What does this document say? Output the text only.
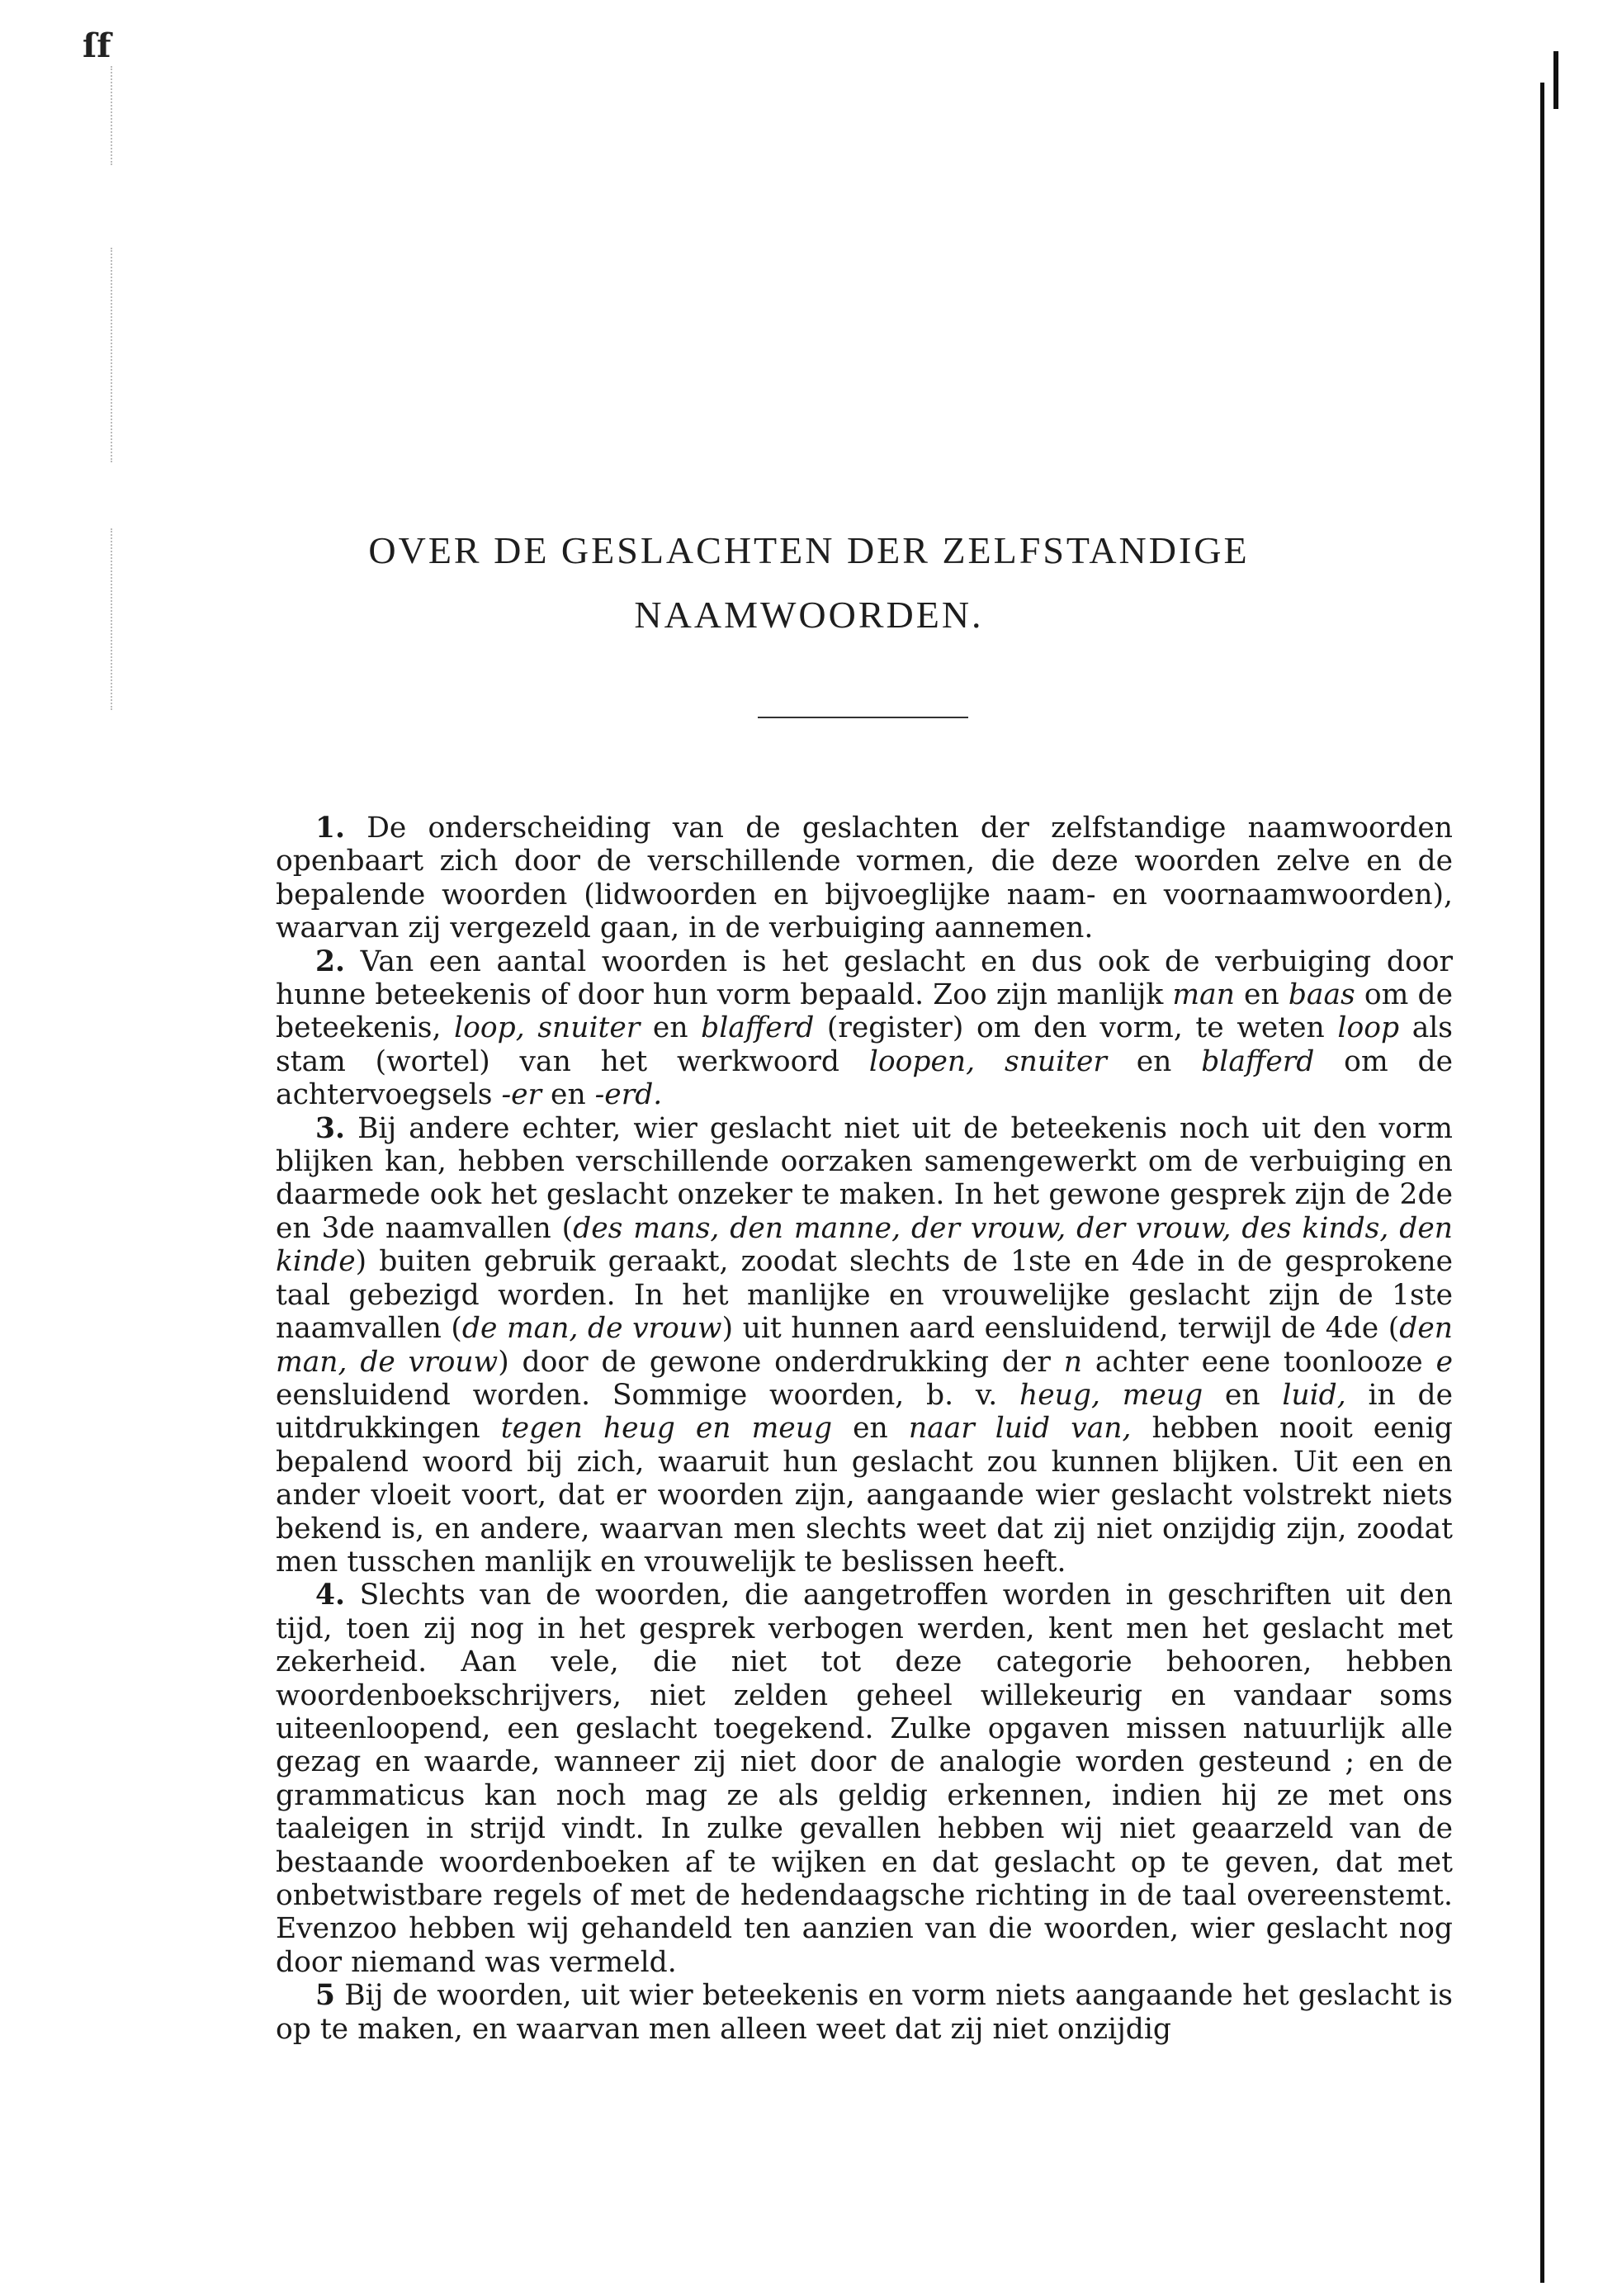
ſf
OVER DE GESLACHTEN DER ZELFSTANDIGE
NAAMWOORDEN.

1. De onderscheiding van de geslachten der zelfstandige naamwoorden openbaart zich door de verschillende vormen, die deze woorden zelve en de bepalende woorden (lidwoorden en bijvoeglijke naam- en voornaamwoorden), waarvan zij vergezeld gaan, in de verbuiging aannemen.

2. Van een aantal woorden is het geslacht en dus ook de verbuiging door hunne beteekenis of door hun vorm bepaald. Zoo zijn manlijk man en baas om de beteekenis, loop, snuiter en blafferd (register) om den vorm, te weten loop als stam (wortel) van het werkwoord loopen, snuiter en blafferd om de achtervoegsels -er en -erd.

3. Bij andere echter, wier geslacht niet uit de beteekenis noch uit den vorm blijken kan, hebben verschillende oorzaken samengewerkt om de verbuiging en daarmede ook het geslacht onzeker te maken. In het gewone gesprek zijn de 2de en 3de naamvallen (des mans, den manne, der vrouw, der vrouw, des kinds, den kinde) buiten gebruik geraakt, zoodat slechts de 1ste en 4de in de gesprokene taal gebezigd worden. In het manlijke en vrouwelijke geslacht zijn de 1ste naamvallen (de man, de vrouw) uit hunnen aard eensluidend, terwijl de 4de (den man, de vrouw) door de gewone onderdrukking der n achter eene toonlooze e eensluidend worden. Sommige woorden, b. v. heug, meug en luid, in de uitdrukkingen tegen heug en meug en naar luid van, hebben nooit eenig bepalend woord bij zich, waaruit hun geslacht zou kunnen blijken. Uit een en ander vloeit voort, dat er woorden zijn, aangaande wier geslacht volstrekt niets bekend is, en andere, waarvan men slechts weet dat zij niet onzijdig zijn, zoodat men tusschen manlijk en vrouwelijk te beslissen heeft.

4. Slechts van de woorden, die aangetroffen worden in geschriften uit den tijd, toen zij nog in het gesprek verbogen werden, kent men het geslacht met zekerheid. Aan vele, die niet tot deze categorie behooren, hebben woordenboekschrijvers, niet zelden geheel willekeurig en vandaar soms uiteenloopend, een geslacht toegekend. Zulke opgaven missen natuurlijk alle gezag en waarde, wanneer zij niet door de analogie worden gesteund ; en de grammaticus kan noch mag ze als geldig erkennen, indien hij ze met ons taaleigen in strijd vindt. In zulke gevallen hebben wij niet geaarzeld van de bestaande woordenboeken af te wijken en dat geslacht op te geven, dat met onbetwistbare regels of met de hedendaagsche richting in de taal overeenstemt. Evenzoo hebben wij gehandeld ten aanzien van die woorden, wier geslacht nog door niemand was vermeld.

5 Bij de woorden, uit wier beteekenis en vorm niets aangaande het geslacht is op te maken, en waarvan men alleen weet dat zij niet onzijdig
